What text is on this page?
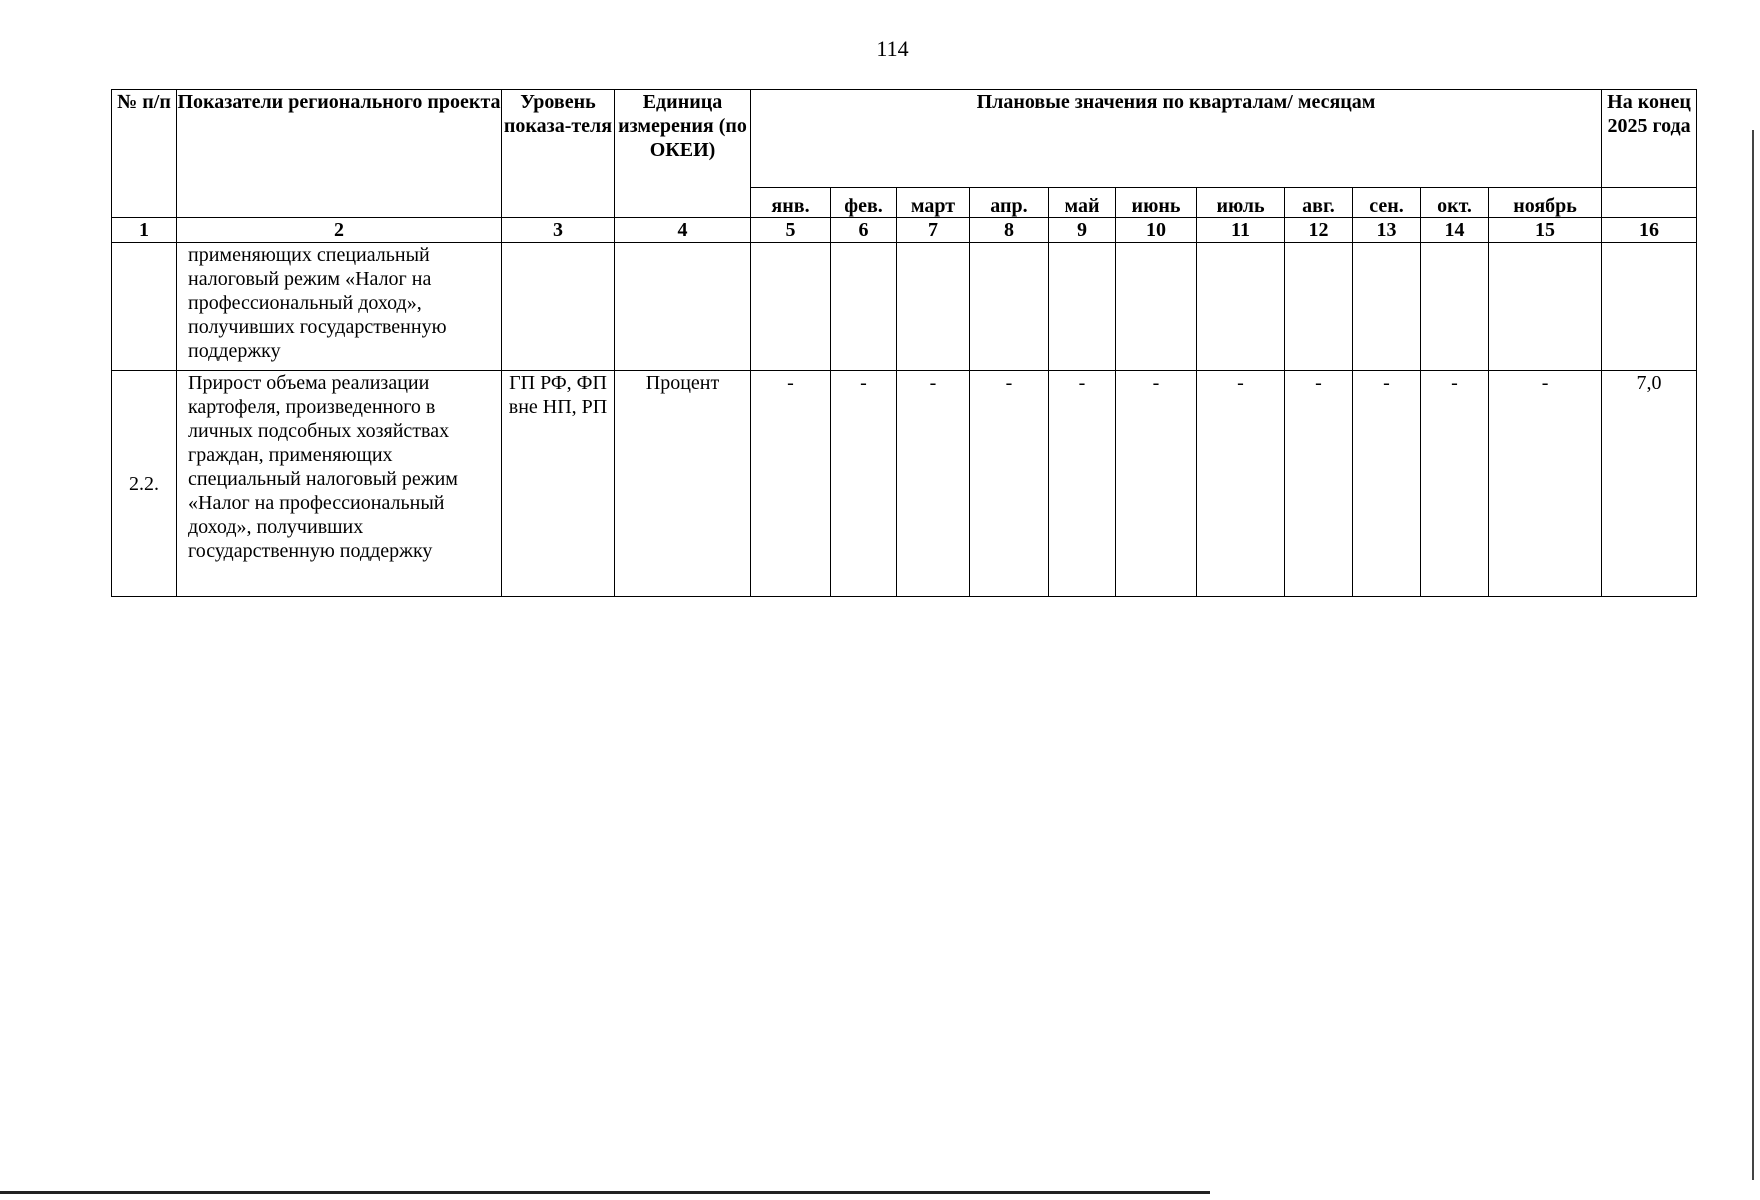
114
№ п/п	Показатели регионального проекта	Уровень показа-теля	Единица измерения (по ОКЕИ)	Плановые значения по кварталам/ месяцам											На конец 2025 года
				янв.	фев.	март	апр.	май	июнь	июль	авг.	сен.	окт.	ноябрь	
1	2	3	4	5	6	7	8	9	10	11	12	13	14	15	16
	применяющих специальный налоговый режим «Налог на профессиональный доход», получивших государственную поддержку														
2.2.	Прирост объема реализации картофеля, произведенного в личных подсобных хозяйствах граждан, применяющих специальный налоговый режим «Налог на профессиональный доход», получивших государственную поддержку	ГП РФ, ФП вне НП, РП	Процент	-	-	-	-	-	-	-	-	-	-	-	7,0
